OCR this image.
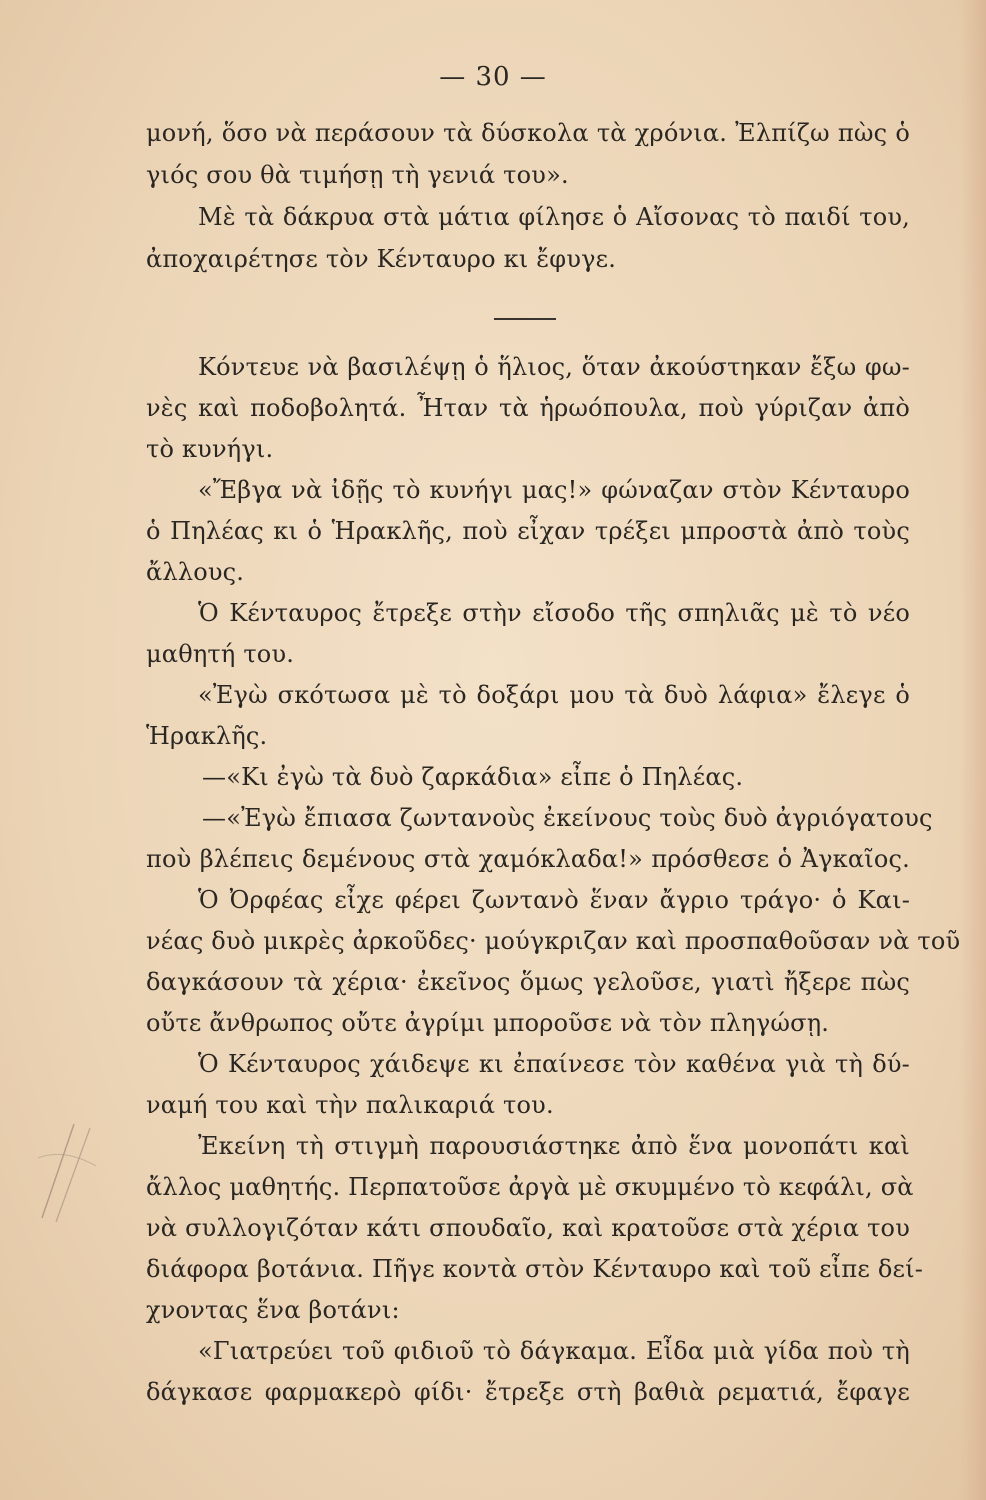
— 30 —
μονή, ὅσο νὰ περάσουν τὰ δύσκολα τὰ χρόνια. Ἐλπίζω πὼς ὁ
γιός σου θὰ τιμήσῃ τὴ γενιά του».
Μὲ τὰ δάκρυα στὰ μάτια φίλησε ὁ Αἴσονας τὸ παιδί του,
ἀποχαιρέτησε τὸν Κένταυρο κι ἔφυγε.
Κόντευε νὰ βασιλέψῃ ὁ ἥλιος, ὅταν ἀκούστηκαν ἔξω φω-
νὲς καὶ ποδοβολητά. Ἦταν τὰ ἡρωόπουλα, ποὺ γύριζαν ἀπὸ
τὸ κυνήγι.
«Ἔβγα νὰ ἰδῇς τὸ κυνήγι μας!» φώναζαν στὸν Κένταυρο
ὁ Πηλέας κι ὁ Ἡρακλῆς, ποὺ εἶχαν τρέξει μπροστὰ ἀπὸ τοὺς
ἄλλους.
Ὁ Κένταυρος ἔτρεξε στὴν εἴσοδο τῆς σπηλιᾶς μὲ τὸ νέο
μαθητή του.
«Ἐγὼ σκότωσα μὲ τὸ δοξάρι μου τὰ δυὸ λάφια» ἔλεγε ὁ
Ἡρακλῆς.
—«Κι ἐγὼ τὰ δυὸ ζαρκάδια» εἶπε ὁ Πηλέας.
—«Ἐγὼ ἔπιασα ζωντανοὺς ἐκείνους τοὺς δυὸ ἀγριόγατους
ποὺ βλέπεις δεμένους στὰ χαμόκλαδα!» πρόσθεσε ὁ Ἀγκαῖος.
Ὁ Ὀρφέας εἶχε φέρει ζωντανὸ ἕναν ἄγριο τράγο· ὁ Και-
νέας δυὸ μικρὲς ἀρκοῦδες· μούγκριζαν καὶ προσπαθοῦσαν νὰ τοῦ
δαγκάσουν τὰ χέρια· ἐκεῖνος ὅμως γελοῦσε, γιατὶ ἤξερε πὼς
οὔτε ἄνθρωπος οὔτε ἀγρίμι μποροῦσε νὰ τὸν πληγώσῃ.
Ὁ Κένταυρος χάιδεψε κι ἐπαίνεσε τὸν καθένα γιὰ τὴ δύ-
ναμή του καὶ τὴν παλικαριά του.
Ἐκείνη τὴ στιγμὴ παρουσιάστηκε ἀπὸ ἕνα μονοπάτι καὶ
ἄλλος μαθητής. Περπατοῦσε ἀργὰ μὲ σκυμμένο τὸ κεφάλι, σὰ
νὰ συλλογιζόταν κάτι σπουδαῖο, καὶ κρατοῦσε στὰ χέρια του
διάφορα βοτάνια. Πῆγε κοντὰ στὸν Κένταυρο καὶ τοῦ εἶπε δεί-
χνοντας ἕνα βοτάνι:
«Γιατρεύει τοῦ φιδιοῦ τὸ δάγκαμα. Εἶδα μιὰ γίδα ποὺ τὴ
δάγκασε φαρμακερὸ φίδι· ἔτρεξε στὴ βαθιὰ ρεματιά, ἔφαγε
